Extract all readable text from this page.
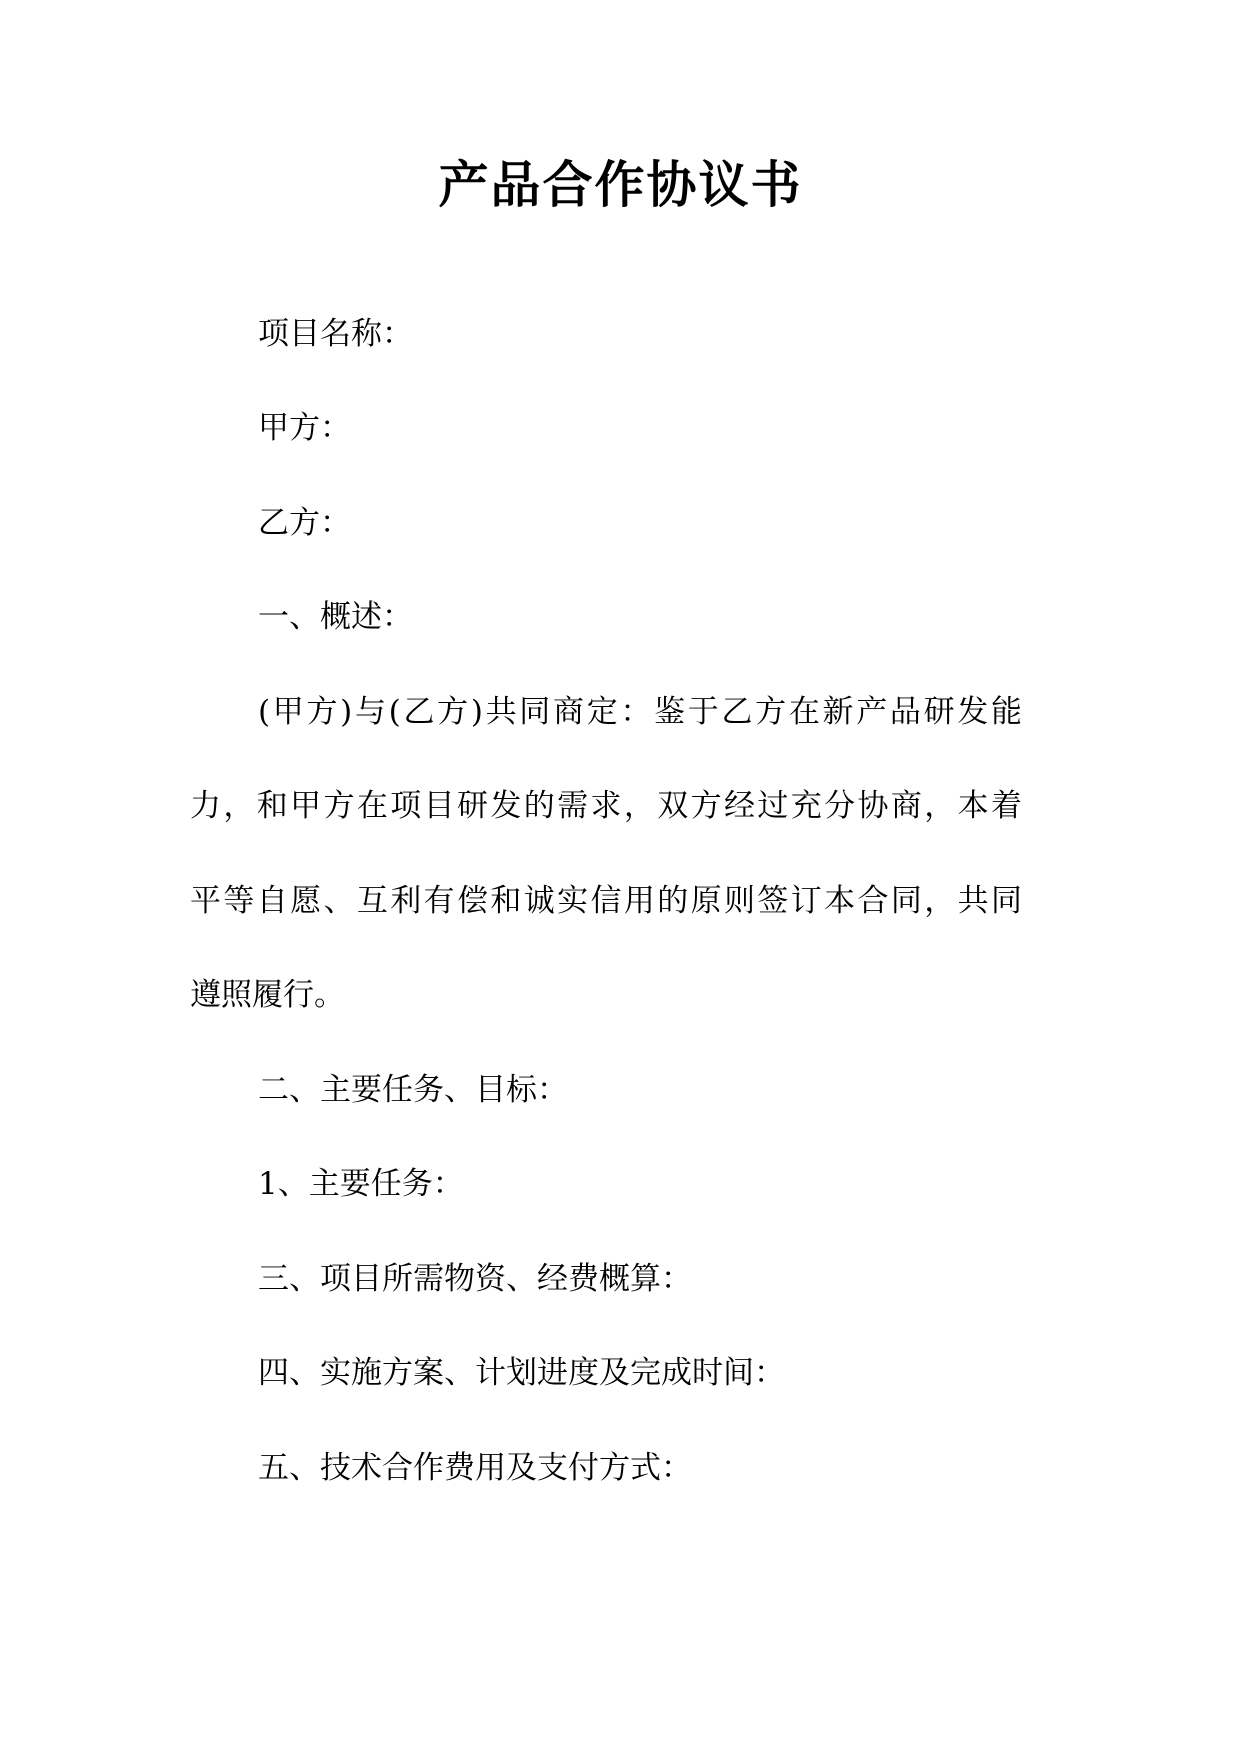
产品合作协议书
项目名称：
甲方：
乙方：
一、概述：
(甲方)与(乙方)共同商定：鉴于乙方在新产品研发能
力，和甲方在项目研发的需求，双方经过充分协商，本着
平等自愿、互利有偿和诚实信用的原则签订本合同，共同
遵照履行。
二、主要任务、目标：
1、主要任务：
三、项目所需物资、经费概算：
四、实施方案、计划进度及完成时间：
五、技术合作费用及支付方式：
